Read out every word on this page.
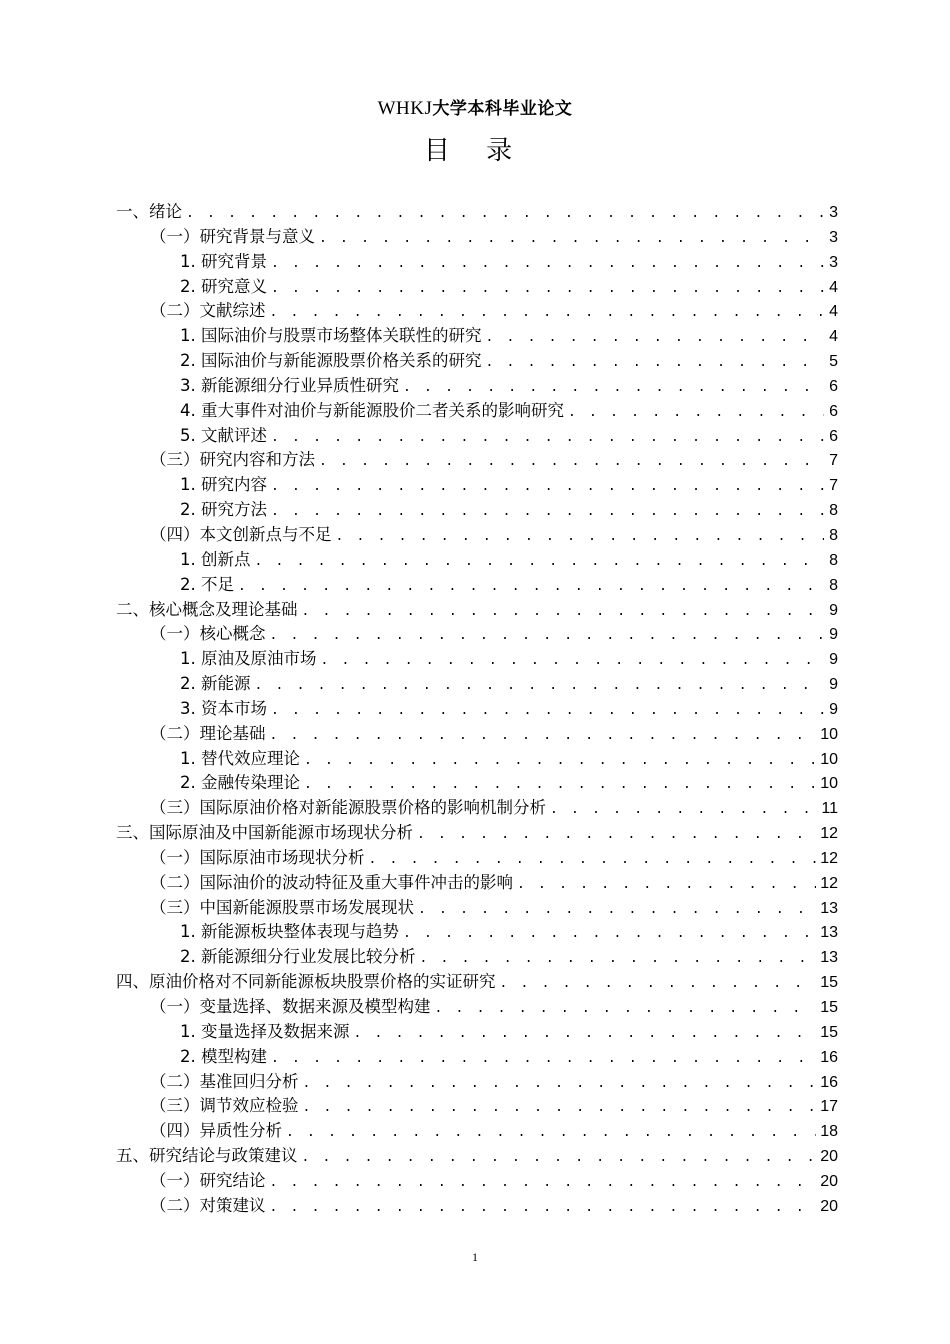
WHKJ大学本科毕业论文
目 录
一、绪论 . . .	3
（一）研究背景与意义 . . .	3
1. 研究背景 . . .	3
2. 研究意义 . . .	4
（二）文献综述 . . .	4
1. 国际油价与股票市场整体关联性的研究 . . .	4
2. 国际油价与新能源股票价格关系的研究 . . .	5
3. 新能源细分行业异质性研究 . . .	6
4. 重大事件对油价与新能源股价二者关系的影响研究 . . .	6
5. 文献评述 . . .	6
（三）研究内容和方法 . . .	7
1. 研究内容 . . .	7
2. 研究方法 . . .	8
（四）本文创新点与不足 . . .	8
1. 创新点 . . .	8
2. 不足 . . .	8
二、核心概念及理论基础 . . .	9
（一）核心概念 . . .	9
1. 原油及原油市场 . . .	9
2. 新能源 . . .	9
3. 资本市场 . . .	9
（二）理论基础 . . .	10
1. 替代效应理论 . . .	10
2. 金融传染理论 . . .	10
（三）国际原油价格对新能源股票价格的影响机制分析 . . .	11
三、国际原油及中国新能源市场现状分析 . . .	12
（一）国际原油市场现状分析 . . .	12
（二）国际油价的波动特征及重大事件冲击的影响 . . .	12
（三）中国新能源股票市场发展现状 . . .	13
1. 新能源板块整体表现与趋势 . . .	13
2. 新能源细分行业发展比较分析 . . .	13
四、原油价格对不同新能源板块股票价格的实证研究 . . .	15
（一）变量选择、数据来源及模型构建 . . .	15
1. 变量选择及数据来源 . . .	15
2. 模型构建 . . .	16
（二）基准回归分析 . . .	16
（三）调节效应检验 . . .	17
（四）异质性分析 . . .	18
五、研究结论与政策建议 . . .	20
（一）研究结论 . . .	20
（二）对策建议 . . .	20
1
